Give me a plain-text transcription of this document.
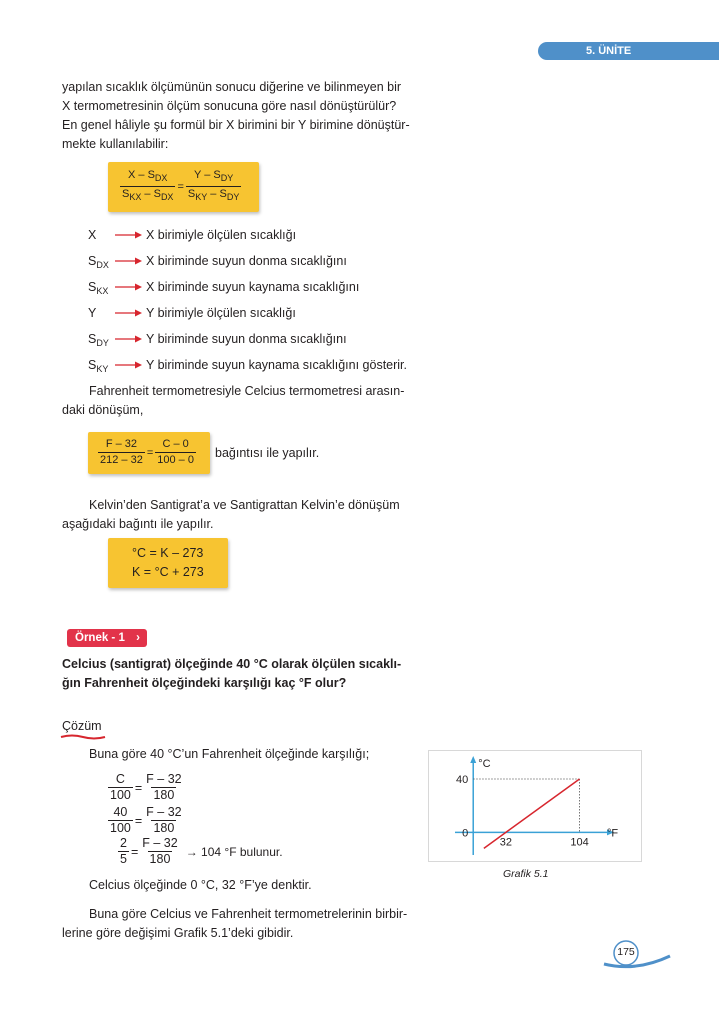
5. ÜNİTE
yapılan sıcaklık ölçümünün sonucu diğerine ve bilinmeyen bir
X termometresinin ölçüm sonucuna göre nasıl dönüştürülür?
En genel hâliyle şu formül bir X birimini bir Y birimine dönüştür-
mekte kullanılabilir:
$\frac{X - S_{DX}}{S_{KX} - S_{DX}} = \frac{Y - S_{DY}}{S_{KY} - S_{DY}}$
X	X birimiyle ölçülen sıcaklığı
$S_{DX}$	X biriminde suyun donma sıcaklığını
$S_{KX}$	X biriminde suyun kaynama sıcaklığını
Y	Y birimiyle ölçülen sıcaklığı
$S_{DY}$	Y biriminde suyun donma sıcaklığını
$S_{KY}$	Y biriminde suyun kaynama sıcaklığını gösterir.
Fahrenheit termometresiyle Celcius termometresi arasın-
daki dönüşüm,
$\frac{F - 32}{212 - 32} = \frac{C - 0}{100 - 0}$ bağıntısı ile yapılır.
Kelvin’den Santigrat’a ve Santigrattan Kelvin’e dönüşüm
aşağıdaki bağıntı ile yapılır.
°C = K – 273
K = °C + 273
Örnek - 1 ›
Celcius (santigrat) ölçeğinde 40 °C olarak ölçülen sıcaklı-
ğın Fahrenheit ölçeğindeki karşılığı kaç °F olur?
Çözüm
Buna göre 40 °C’un Fahrenheit ölçeğinde karşılığı;
$\frac{C}{100} = \frac{F - 32}{180}$
$\frac{40}{100} = \frac{F - 32}{180}$
$\frac{2}{5} = \frac{F - 32}{180} \to 104$ °F bulunur.
Celcius ölçeğinde 0 °C, 32 °F’ye denktir.
Buna göre Celcius ve Fahrenheit termometrelerinin birbir-
lerine göre değişimi Grafik 5.1’deki gibidir.
0
40
32	104
°C
°F
Grafik 5.1
175
